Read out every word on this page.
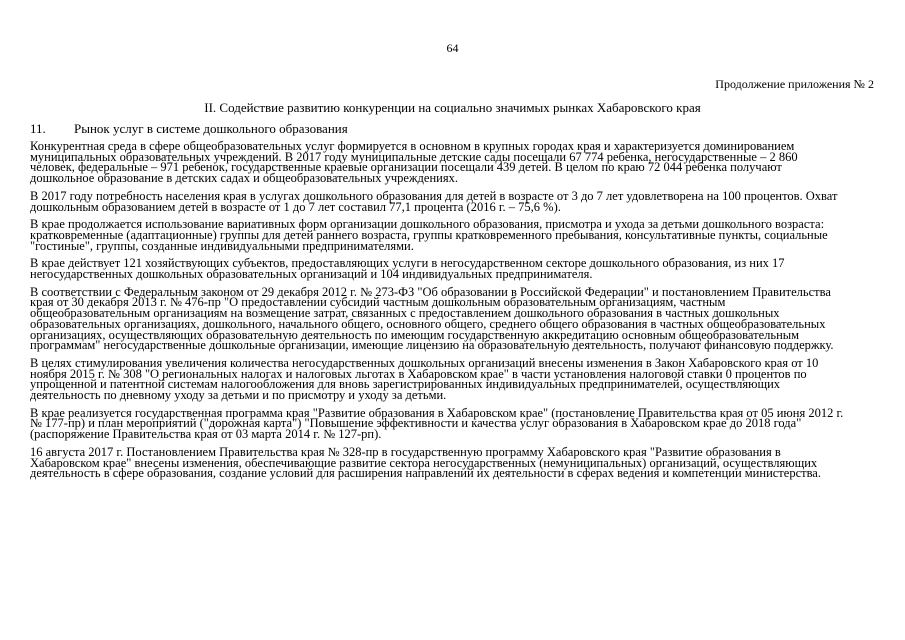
64
Продолжение приложения № 2
II. Содействие развитию конкуренции на социально значимых рынках Хабаровского края
11. Рынок услуг в системе дошкольного образования

Конкурентная среда в сфере общеобразовательных услуг формируется в основном в крупных городах края и характеризуется доминированием муниципальных образовательных учреждений. В 2017 году муниципальные детские сады посещали 67 774 ребенка, негосударственные – 2 860 человек, федеральные – 971 ребенок, государственные краевые организации посещали 439 детей. В целом по краю 72 044 ребенка получают дошкольное образование в детских садах и общеобразовательных учреждениях.

В 2017 году потребность населения края в услугах дошкольного образования для детей в возрасте от 3 до 7 лет удовлетворена на 100 процентов. Охват дошкольным образованием детей в возрасте от 1 до 7 лет составил 77,1 процента (2016 г. – 75,6 %).

В крае продолжается использование вариативных форм организации дошкольного образования, присмотра и ухода за детьми дошкольного возраста: кратковременные (адаптационные) группы для детей раннего возраста, группы кратковременного пребывания, консультативные пункты, социальные "гостиные", группы, созданные индивидуальными предпринимателями.

В крае действует 121 хозяйствующих субъектов, предоставляющих услуги в негосударственном секторе дошкольного образования, из них 17 негосударственных дошкольных образовательных организаций и 104 индивидуальных предпринимателя.

В соответствии с Федеральным законом от 29 декабря 2012 г. № 273-ФЗ "Об образовании в Российской Федерации" и постановлением Правительства края от 30 декабря 2013 г. № 476-пр "О предоставлении субсидий частным дошкольным образовательным организациям, частным общеобразовательным организациям на возмещение затрат, связанных с предоставлением дошкольного образования в частных дошкольных образовательных организациях, дошкольного, начального общего, основного общего, среднего общего образования в частных общеобразовательных организациях, осуществляющих образовательную деятельность по имеющим государственную аккредитацию основным общеобразовательным программам" негосударственные дошкольные организации, имеющие лицензию на образовательную деятельность, получают финансовую поддержку.

В целях стимулирования увеличения количества негосударственных дошкольных организаций внесены изменения в Закон Хабаровского края от 10 ноября 2015 г. № 308 "О региональных налогах и налоговых льготах в Хабаровском крае" в части установления налоговой ставки 0 процентов по упрощенной и патентной системам налогообложения для вновь зарегистрированных индивидуальных предпринимателей, осуществляющих деятельность по дневному уходу за детьми и по присмотру и уходу за детьми.

В крае реализуется государственная программа края "Развитие образования в Хабаровском крае" (постановление Правительства края от 05 июня 2012 г. № 177-пр) и план мероприятий ("дорожная карта") "Повышение эффективности и качества услуг образования в Хабаровском крае до 2018 года" (распоряжение Правительства края от 03 марта 2014 г. № 127-рп).

16 августа 2017 г. Постановлением Правительства края № 328-пр в государственную программу Хабаровского края "Развитие образования в Хабаровском крае" внесены изменения, обеспечивающие развитие сектора негосударственных (немуниципальных) организаций, осуществляющих деятельность в сфере образования, создание условий для расширения направлений их деятельности в сферах ведения и компетенции министерства.
